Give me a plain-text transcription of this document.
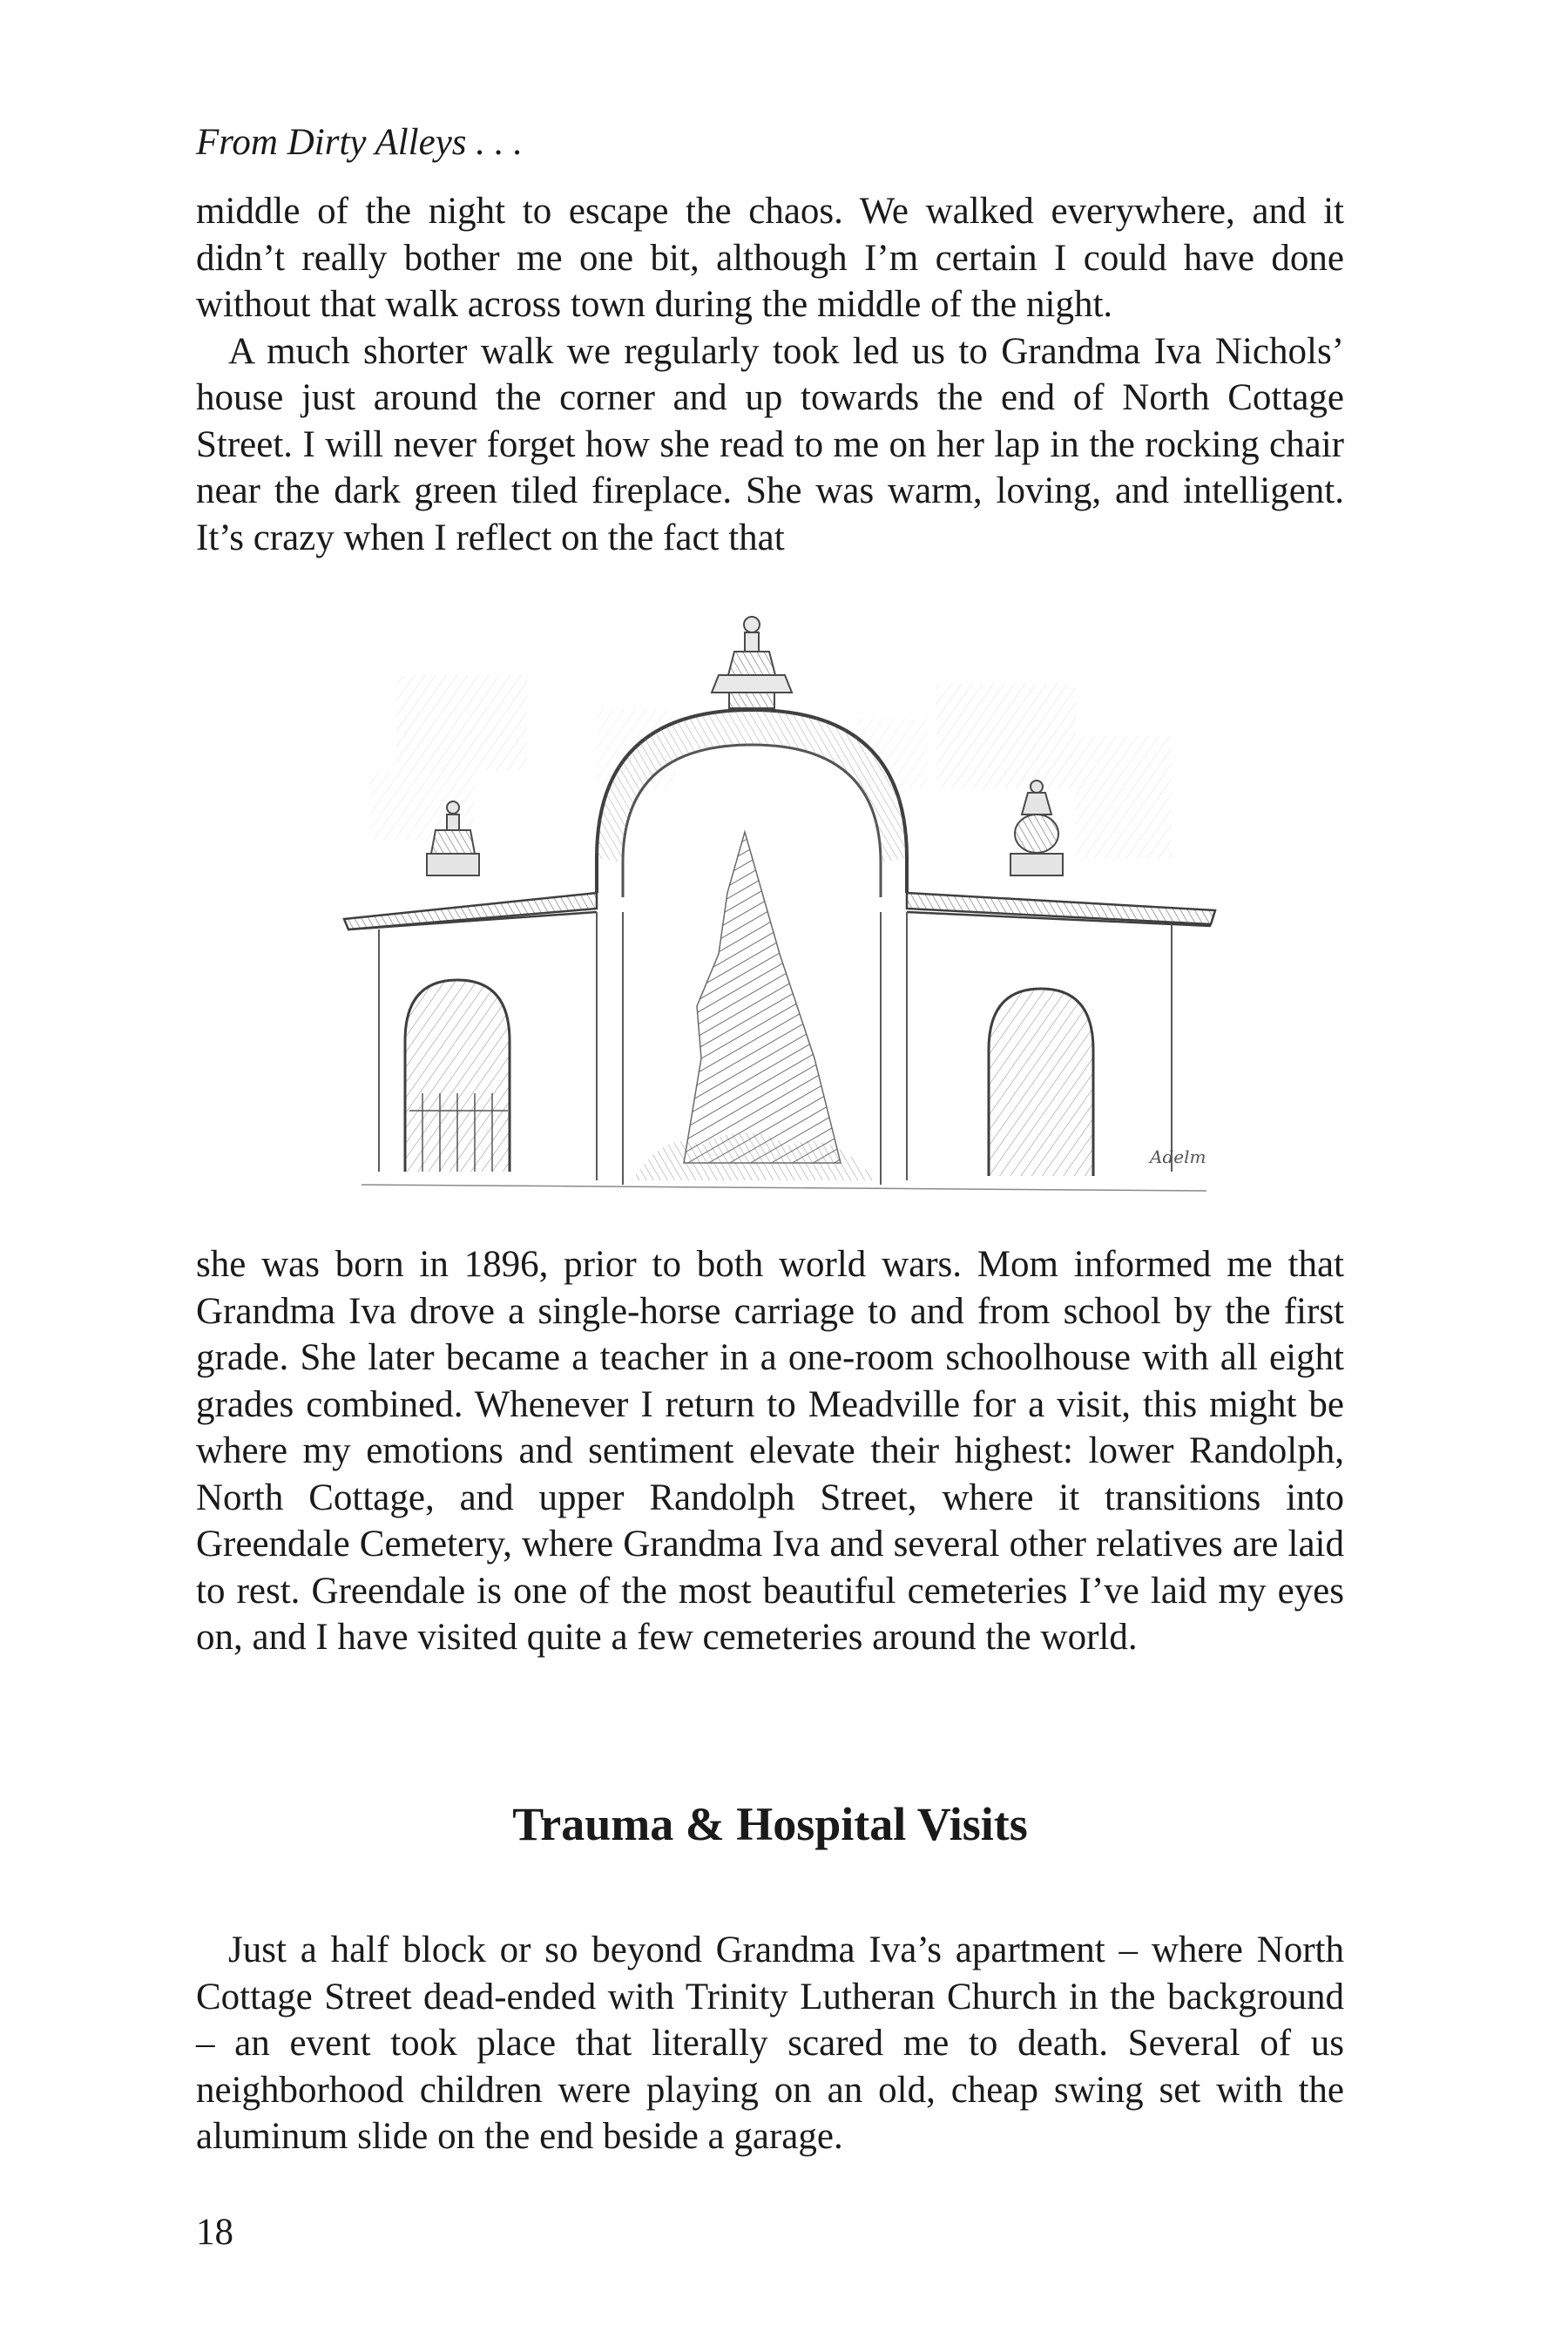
From Dirty Alleys . . .

middle of the night to escape the chaos. We walked everywhere, and it didn’t really bother me one bit, although I’m certain I could have done without that walk across town during the middle of the night.

A much shorter walk we regularly took led us to Grandma Iva Nichols’ house just around the corner and up towards the end of North Cottage Street. I will never forget how she read to me on her lap in the rocking chair near the dark green tiled fireplace. She was warm, loving, and intelligent. It’s crazy when I reflect on the fact that

Adelm

she was born in 1896, prior to both world wars. Mom informed me that Grandma Iva drove a single-horse carriage to and from school by the first grade. She later became a teacher in a one-room schoolhouse with all eight grades combined. Whenever I return to Meadville for a visit, this might be where my emotions and sentiment elevate their highest: lower Randolph, North Cottage, and upper Randolph Street, where it transitions into Greendale Cemetery, where Grandma Iva and several other relatives are laid to rest. Greendale is one of the most beautiful cemeteries I’ve laid my eyes on, and I have visited quite a few cemeteries around the world.

Trauma & Hospital Visits

Just a half block or so beyond Grandma Iva’s apartment – where North Cottage Street dead-ended with Trinity Lutheran Church in the background – an event took place that literally scared me to death. Several of us neighborhood children were playing on an old, cheap swing set with the aluminum slide on the end beside a garage.

18
